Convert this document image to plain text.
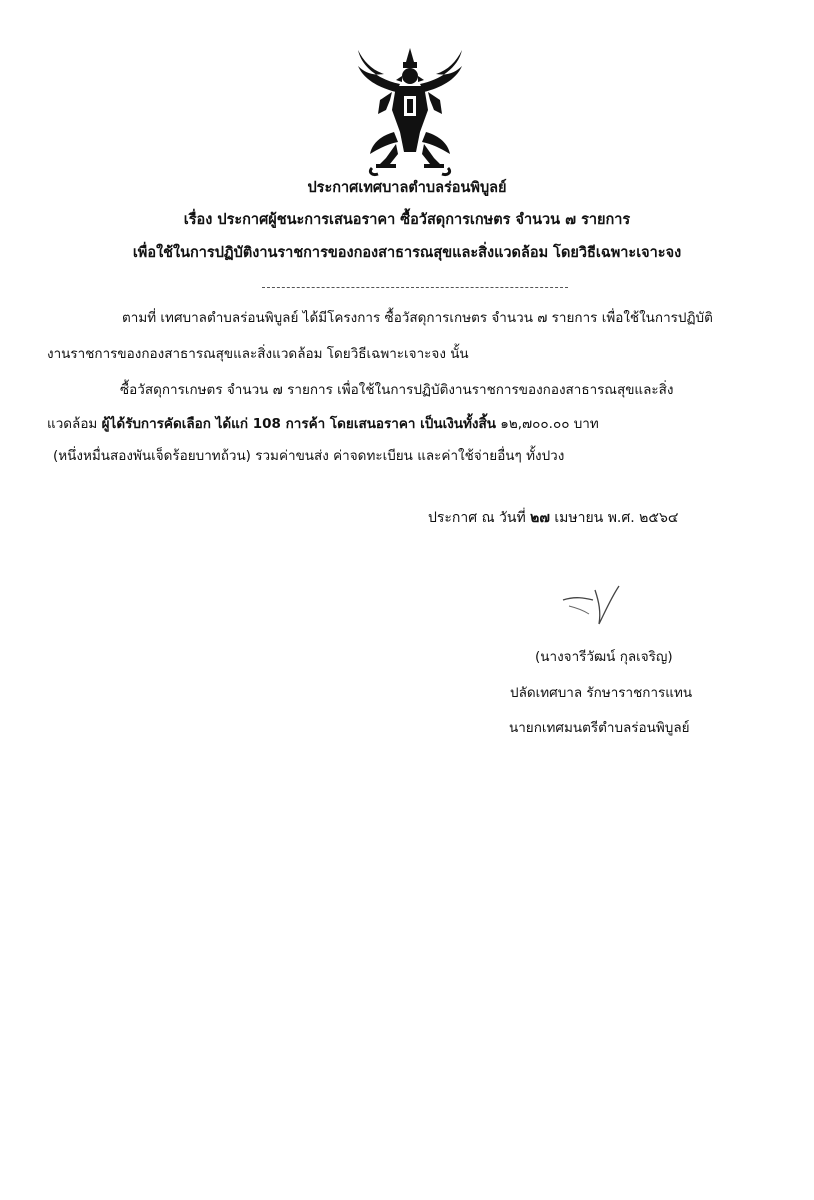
ประกาศเทศบาลตำบลร่อนพิบูลย์
เรื่อง ประกาศผู้ชนะการเสนอราคา ซื้อวัสดุการเกษตร จำนวน ๗ รายการ
เพื่อใช้ในการปฏิบัติงานราชการของกองสาธารณสุขและสิ่งแวดล้อม โดยวิธีเฉพาะเจาะจง
ตามที่ เทศบาลตำบลร่อนพิบูลย์ ได้มีโครงการ ซื้อวัสดุการเกษตร จำนวน ๗ รายการ เพื่อใช้ในการปฏิบัติ
งานราชการของกองสาธารณสุขและสิ่งแวดล้อม โดยวิธีเฉพาะเจาะจง นั้น
ซื้อวัสดุการเกษตร จำนวน ๗ รายการ เพื่อใช้ในการปฏิบัติงานราชการของกองสาธารณสุขและสิ่ง
แวดล้อม ผู้ได้รับการคัดเลือก ได้แก่ 108 การค้า โดยเสนอราคา เป็นเงินทั้งสิ้น ๑๒,๗๐๐.๐๐ บาท
(หนึ่งหมื่นสองพันเจ็ดร้อยบาทถ้วน) รวมค่าขนส่ง ค่าจดทะเบียน และค่าใช้จ่ายอื่นๆ ทั้งปวง
ประกาศ ณ วันที่ ๒๗ เมษายน พ.ศ. ๒๕๖๔
(นางจารีวัฒน์ กุลเจริญ)
ปลัดเทศบาล รักษาราชการแทน
นายกเทศมนตรีตำบลร่อนพิบูลย์
